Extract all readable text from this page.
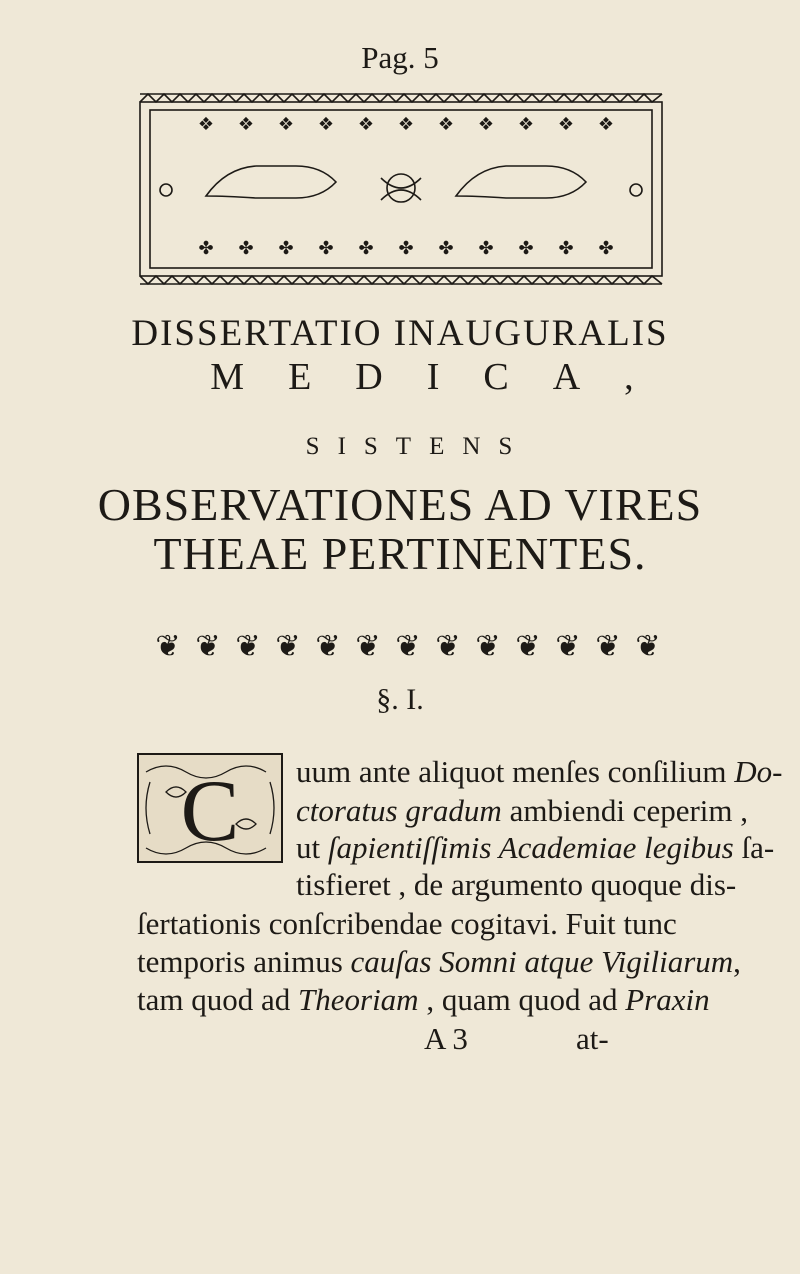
Pag. 5
❖ ❖ ❖ ❖ ❖ ❖ ❖ ❖ ❖ ❖ ❖
✤ ✤ ✤ ✤ ✤ ✤ ✤ ✤ ✤ ✤ ✤
DISSERTATIO INAUGURALIS
MEDICA,
SISTENS
OBSERVATIONES AD VIRES
THEAE PERTINENTES.
❦ ❦ ❦ ❦ ❦ ❦ ❦ ❦ ❦ ❦ ❦ ❦ ❦
§. I.
C uum ante aliquot menſes conſilium Do-
ctoratus gradum ambiendi ceperim ,
ut ſapientiſſimis Academiae legibus ſa-
tisfieret , de argumento quoque dis-
ſertationis conſcribendae cogitavi. Fuit tunc
temporis animus cauſas Somni atque Vigiliarum,
tam quod ad Theoriam , quam quod ad Praxin
A 3	at-
